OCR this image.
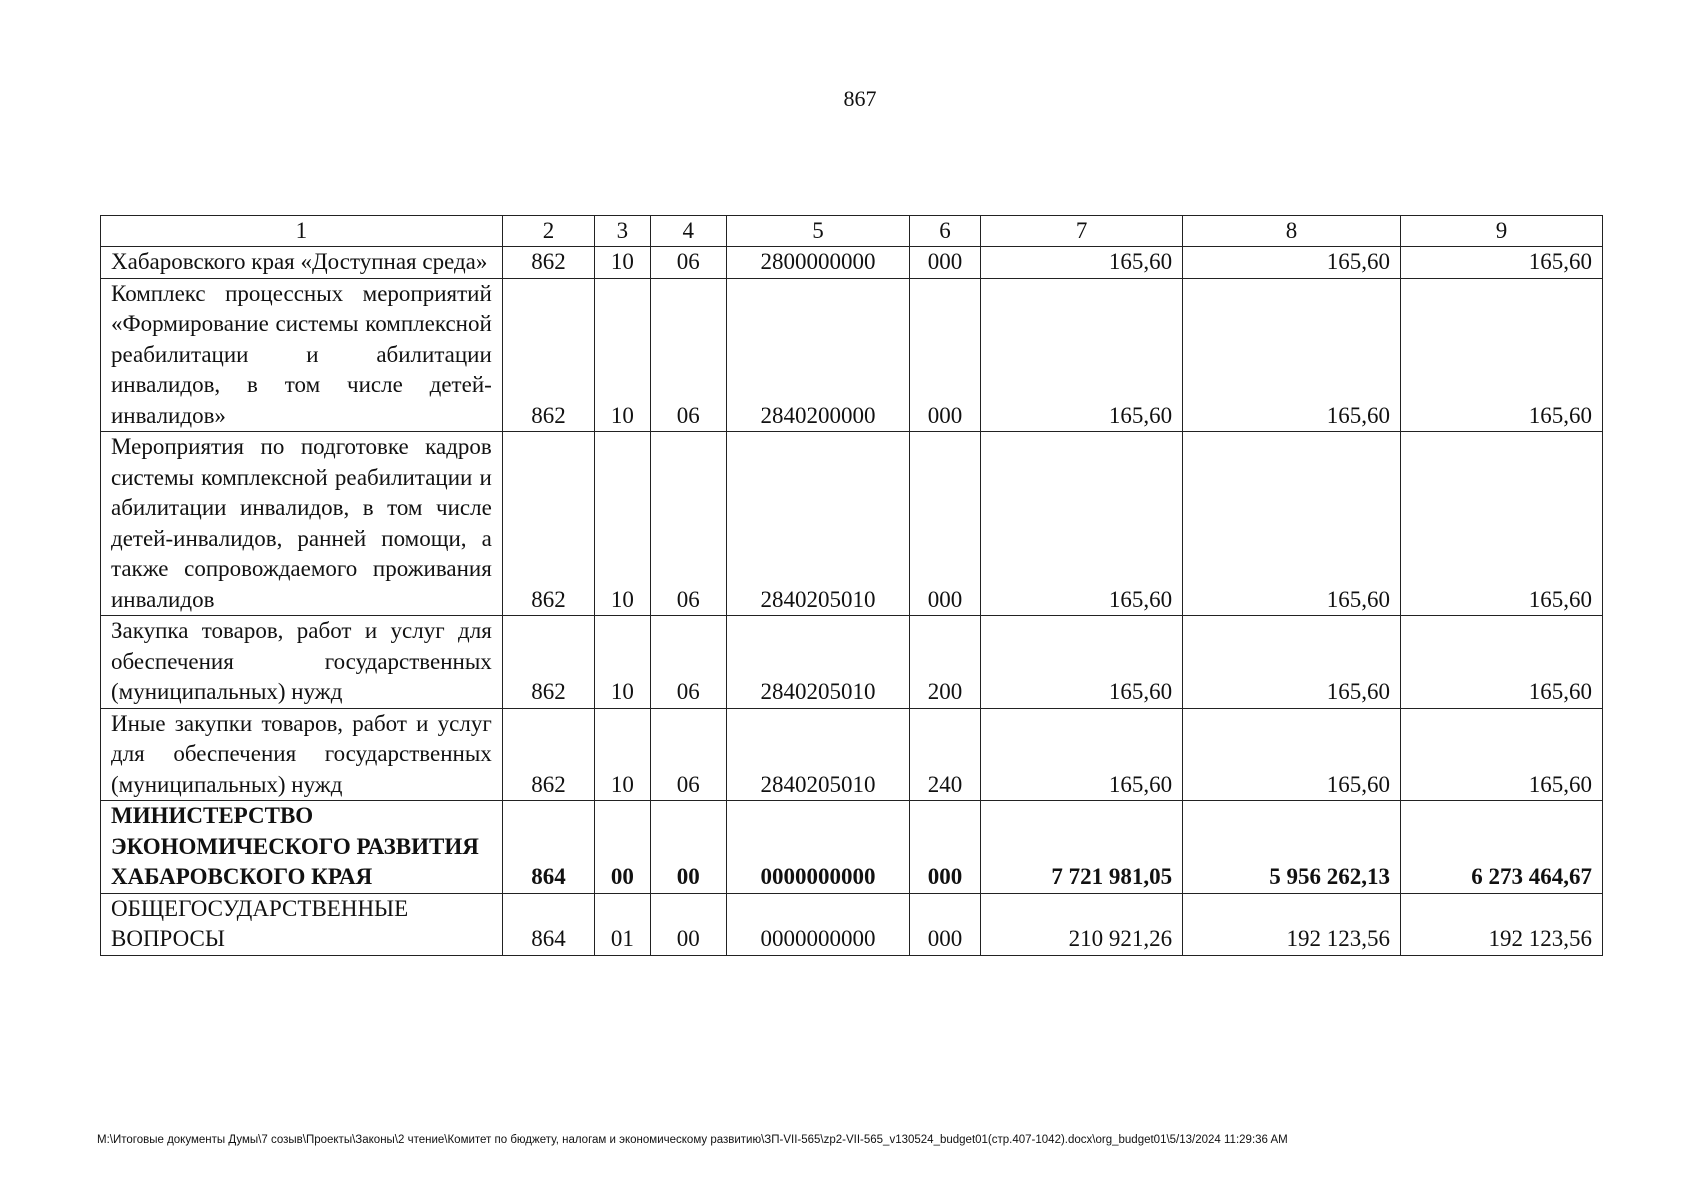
867
1	2	3	4	5	6	7	8	9
Хабаровского края «Доступная среда»	862	10	06	2800000000	000	165,60	165,60	165,60
Комплекс процессных мероприятий «Формирование системы комплексной реабилитации и абилитации инвалидов, в том числе детей-инвалидов»	862	10	06	2840200000	000	165,60	165,60	165,60
Мероприятия по подготовке кадров системы комплексной реабилитации и абилитации инвалидов, в том числе детей-инвалидов, ранней помощи, а также сопровождаемого проживания инвалидов	862	10	06	2840205010	000	165,60	165,60	165,60
Закупка товаров, работ и услуг для обеспечения государственных (муниципальных) нужд	862	10	06	2840205010	200	165,60	165,60	165,60
Иные закупки товаров, работ и услуг для обеспечения государственных (муниципальных) нужд	862	10	06	2840205010	240	165,60	165,60	165,60
МИНИСТЕРСТВО ЭКОНОМИЧЕСКОГО РАЗВИТИЯ ХАБАРОВСКОГО КРАЯ	864	00	00	0000000000	000	7 721 981,05	5 956 262,13	6 273 464,67
ОБЩЕГОСУДАРСТВЕННЫЕ ВОПРОСЫ	864	01	00	0000000000	000	210 921,26	192 123,56	192 123,56
M:\Итоговые документы Думы\7 созыв\Проекты\Законы\2 чтение\Комитет по бюджету, налогам и экономическому развитию\ЗП-VII-565\zp2-VII-565_v130524_budget01(стр.407-1042).docx\org_budget01\5/13/2024 11:29:36 AM
